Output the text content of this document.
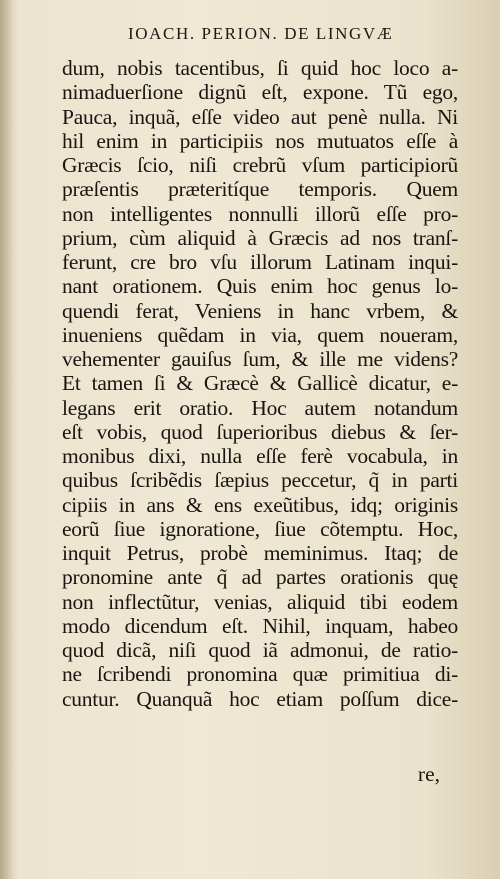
IOACH. PERION. DE LINGVÆ
dum, nobis tacentibus, ſi quid hoc loco a-
nimaduerſione dignũ eſt, expone. Tũ ego,
Pauca, inquã, eſſe video aut penè nulla. Ni
hil enim in participiis nos mutuatos eſſe à
Græcis ſcio, niſi crebrũ vſum participiorũ
præſentis præteritíque temporis. Quem
non intelligentes nonnulli illorũ eſſe pro-
prium, cùm aliquid à Græcis ad nos tranſ-
ferunt, cre bro vſu illorum Latinam inqui-
nant orationem. Quis enim hoc genus lo-
quendi ferat, Veniens in hanc vrbem, &
inueniens quẽdam in via, quem noueram,
vehementer gauiſus ſum, & ille me videns?
Et tamen ſi & Græcè & Gallicè dicatur, e-
legans erit oratio. Hoc autem notandum
eſt vobis, quod ſuperioribus diebus & ſer-
monibus dixi, nulla eſſe ferè vocabula, in
quibus ſcribẽdis ſæpius peccetur, q̃ in parti
cipiis in ans & ens exeũtibus, idq; originis
eorũ ſiue ignoratione, ſiue cõtemptu. Hoc,
inquit Petrus, probè meminimus. Itaq; de
pronomine ante q̃ ad partes orationis quę
non inflectũtur, venias, aliquid tibi eodem
modo dicendum eſt. Nihil, inquam, habeo
quod dicã, niſi quod iã admonui, de ratio-
ne ſcribendi pronomina quæ primitiua di-
cuntur. Quanquã hoc etiam poſſum dice-
re,
